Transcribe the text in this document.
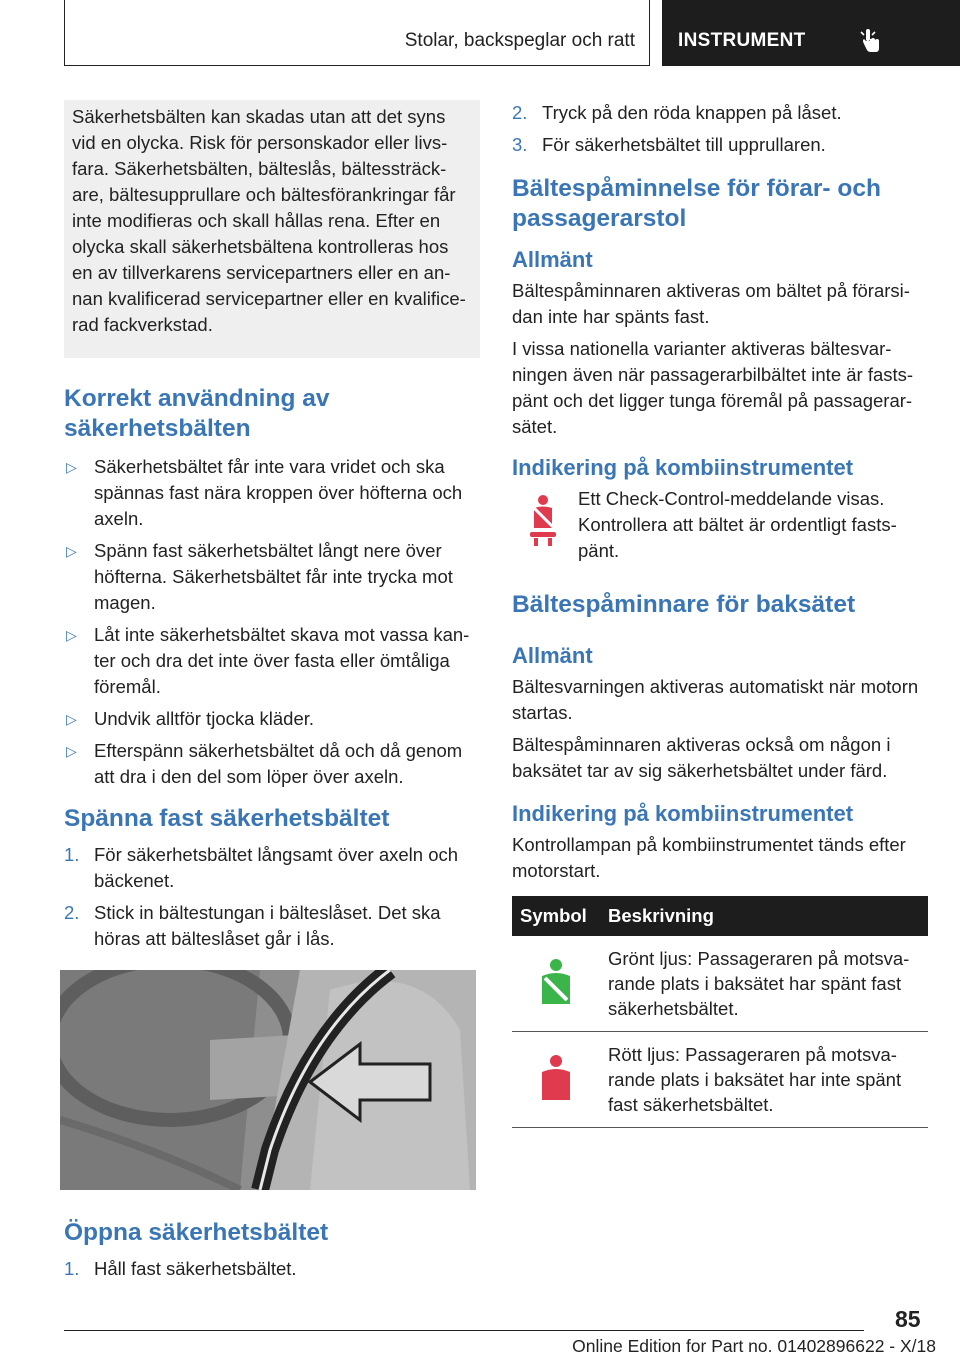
Stolar, backspeglar och ratt INSTRUMENT

Säkerhetsbälten kan skadas utan att det syns vid en olycka. Risk för personskador eller livsfara. Säkerhetsbälten, bälteslås, bältessträckare, bältesupprullare och bältesförankringar får inte modifieras och skall hållas rena. Efter en olycka skall säkerhetsbältena kontrolleras hos en av tillverkarens servicepartners eller en annan kvalificerad servicepartner eller en kvalificerad fackverkstad.

Korrekt användning av säkerhetsbälten
▷ Säkerhetsbältet får inte vara vridet och ska spännas fast nära kroppen över höfterna och axeln.
▷ Spänn fast säkerhetsbältet långt nere över höfterna. Säkerhetsbältet får inte trycka mot magen.
▷ Låt inte säkerhetsbältet skava mot vassa kanter och dra det inte över fasta eller ömtåliga föremål.
▷ Undvik alltför tjocka kläder.
▷ Efterspänn säkerhetsbältet då och då genom att dra i den del som löper över axeln.
Spänna fast säkerhetsbältet
1. För säkerhetsbältet långsamt över axeln och bäckenet.
2. Stick in bältestungan i bälteslåset. Det ska höras att bälteslåset går i lås.
Öppna säkerhetsbältet
1. Håll fast säkerhetsbältet.
2. Tryck på den röda knappen på låset.
3. För säkerhetsbältet till upprullaren.
Bältespåminnelse för förar- och passagerarstol
Allmänt

Bältespåminnaren aktiveras om bältet på förarsidan inte har spänts fast.

I vissa nationella varianter aktiveras bältesvarningen även när passagerarbilbältet inte är fastspänt och det ligger tunga föremål på passagerarsätet.

Indikering på kombiinstrumentet

Ett Check-Control-meddelande visas. Kontrollera att bältet är ordentligt fastspänt.

Bältespåminnare för baksätet
Allmänt

Bältesvarningen aktiveras automatiskt när motorn startas.

Bältespåminnaren aktiveras också om någon i baksätet tar av sig säkerhetsbältet under färd.

Indikering på kombiinstrumentet

Kontrollampan på kombiinstrumentet tänds efter motorstart.

Symbol	Beskrivning
	Grönt ljus: Passageraren på motsvarande plats i baksätet har spänt fast säkerhetsbältet.
	Rött ljus: Passageraren på motsvarande plats i baksätet har inte spänt fast säkerhetsbältet.
85
Online Edition for Part no. 01402896622 - X/18
